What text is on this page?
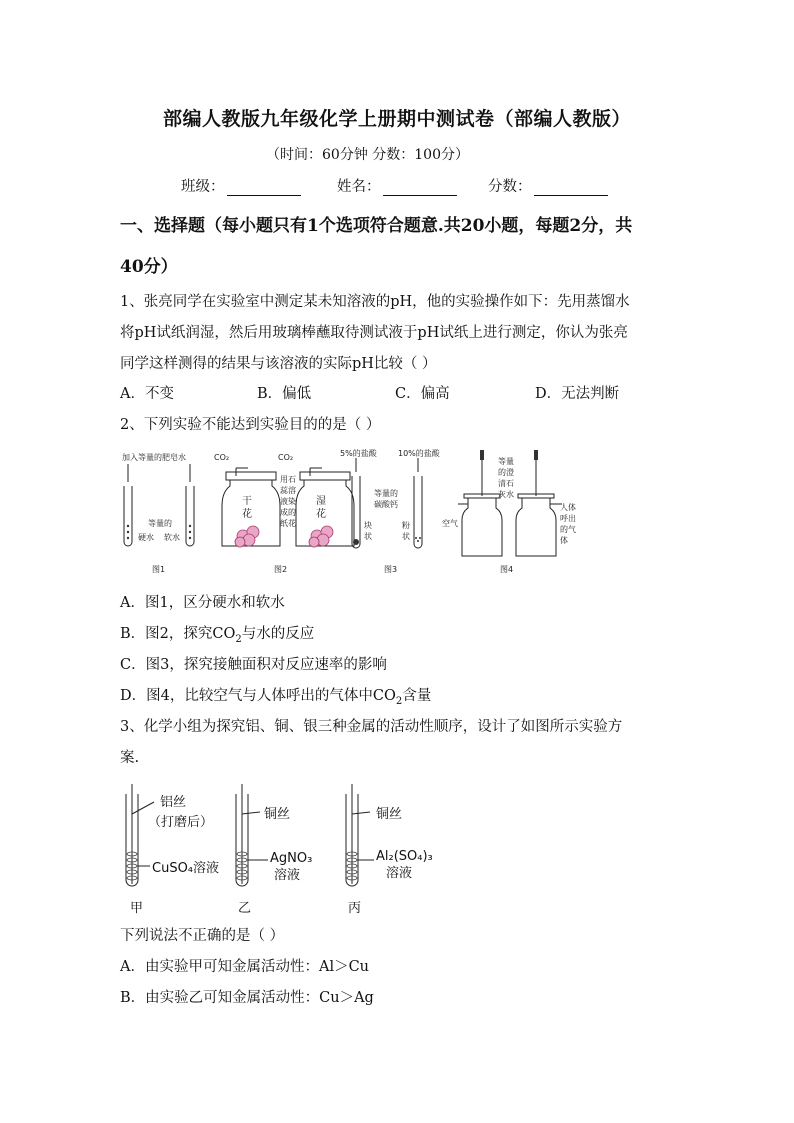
部编人教版九年级化学上册期中测试卷（部编人教版）
（时间：60分钟 分数：100分）
班级：	姓名：	分数：
一、选择题（每小题只有1个选项符合题意.共20小题，每题2分，共
40分）
1、张亮同学在实验室中测定某未知溶液的pH，他的实验操作如下：先用蒸馏水
将pH试纸润湿，然后用玻璃棒蘸取待测试液于pH试纸上进行测定，你认为张亮
同学这样测得的结果与该溶液的实际pH比较（ ）
A．不变	B．偏低	C．偏高	D．无法判断
2、下列实验不能达到实验目的的是（ ）
加入等量的肥皂水
等量的
硬水 软水
图1
CO₂	CO₂
干
花
湿
花
用石
蕊溶
液染
成的
纸花
图2
5%的盐酸	10%的盐酸
等量的
碳酸钙
块
状
粉
状
图3
等量
的澄
清石
灰水
空气
人体
呼出
的气
体
图4
A．图1，区分硬水和软水
B．图2，探究$CO_2$与水的反应
C．图3，探究接触面积对反应速率的影响
D．图4，比较空气与人体呼出的气体中$CO_2$含量
3、化学小组为探究铝、铜、银三种金属的活动性顺序，设计了如图所示实验方
案.
铝丝
（打磨后）
CuSO₄溶液
甲
铜丝
AgNO₃
溶液
乙
铜丝
Al₂(SO₄)₃
溶液
丙
下列说法不正确的是（ ）
A．由实验甲可知金属活动性：Al＞Cu
B．由实验乙可知金属活动性：Cu＞Ag
